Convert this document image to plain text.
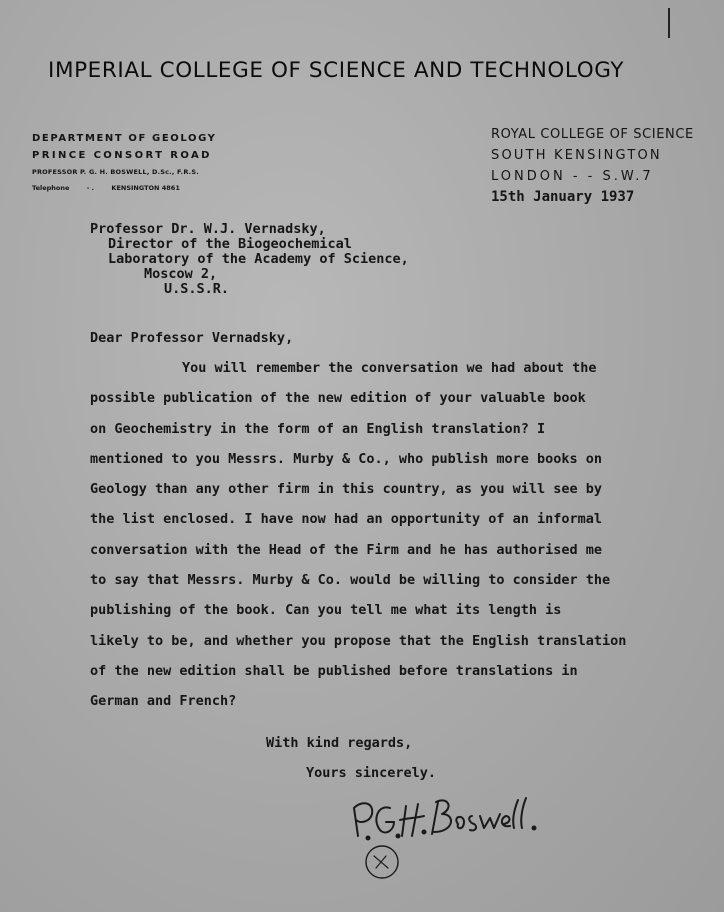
IMPERIAL COLLEGE OF SCIENCE AND TECHNOLOGY
DEPARTMENT OF GEOLOGY
PRINCE CONSORT ROAD
PROFESSOR P. G. H. BOSWELL, D.Sc., F.R.S.
Telephone	- .	KENSINGTON 4861
ROYAL COLLEGE OF SCIENCE
SOUTH KENSINGTON
LONDON - - S.W.7
15th January 1937
Professor Dr. W.J. Vernadsky,
Director of the Biogeochemical
Laboratory of the Academy of Science,
Moscow 2,
U.S.S.R.
Dear Professor Vernadsky,
You will remember the conversation we had about the
possible publication of the new edition of your valuable book
on Geochemistry in the form of an English translation? I
mentioned to you Messrs. Murby & Co., who publish more books on
Geology than any other firm in this country, as you will see by
the list enclosed. I have now had an opportunity of an informal
conversation with the Head of the Firm and he has authorised me
to say that Messrs. Murby & Co. would be willing to consider the
publishing of the book. Can you tell me what its length is
likely to be, and whether you propose that the English translation
of the new edition shall be published before translations in
German and French?
With kind regards,
Yours sincerely.
